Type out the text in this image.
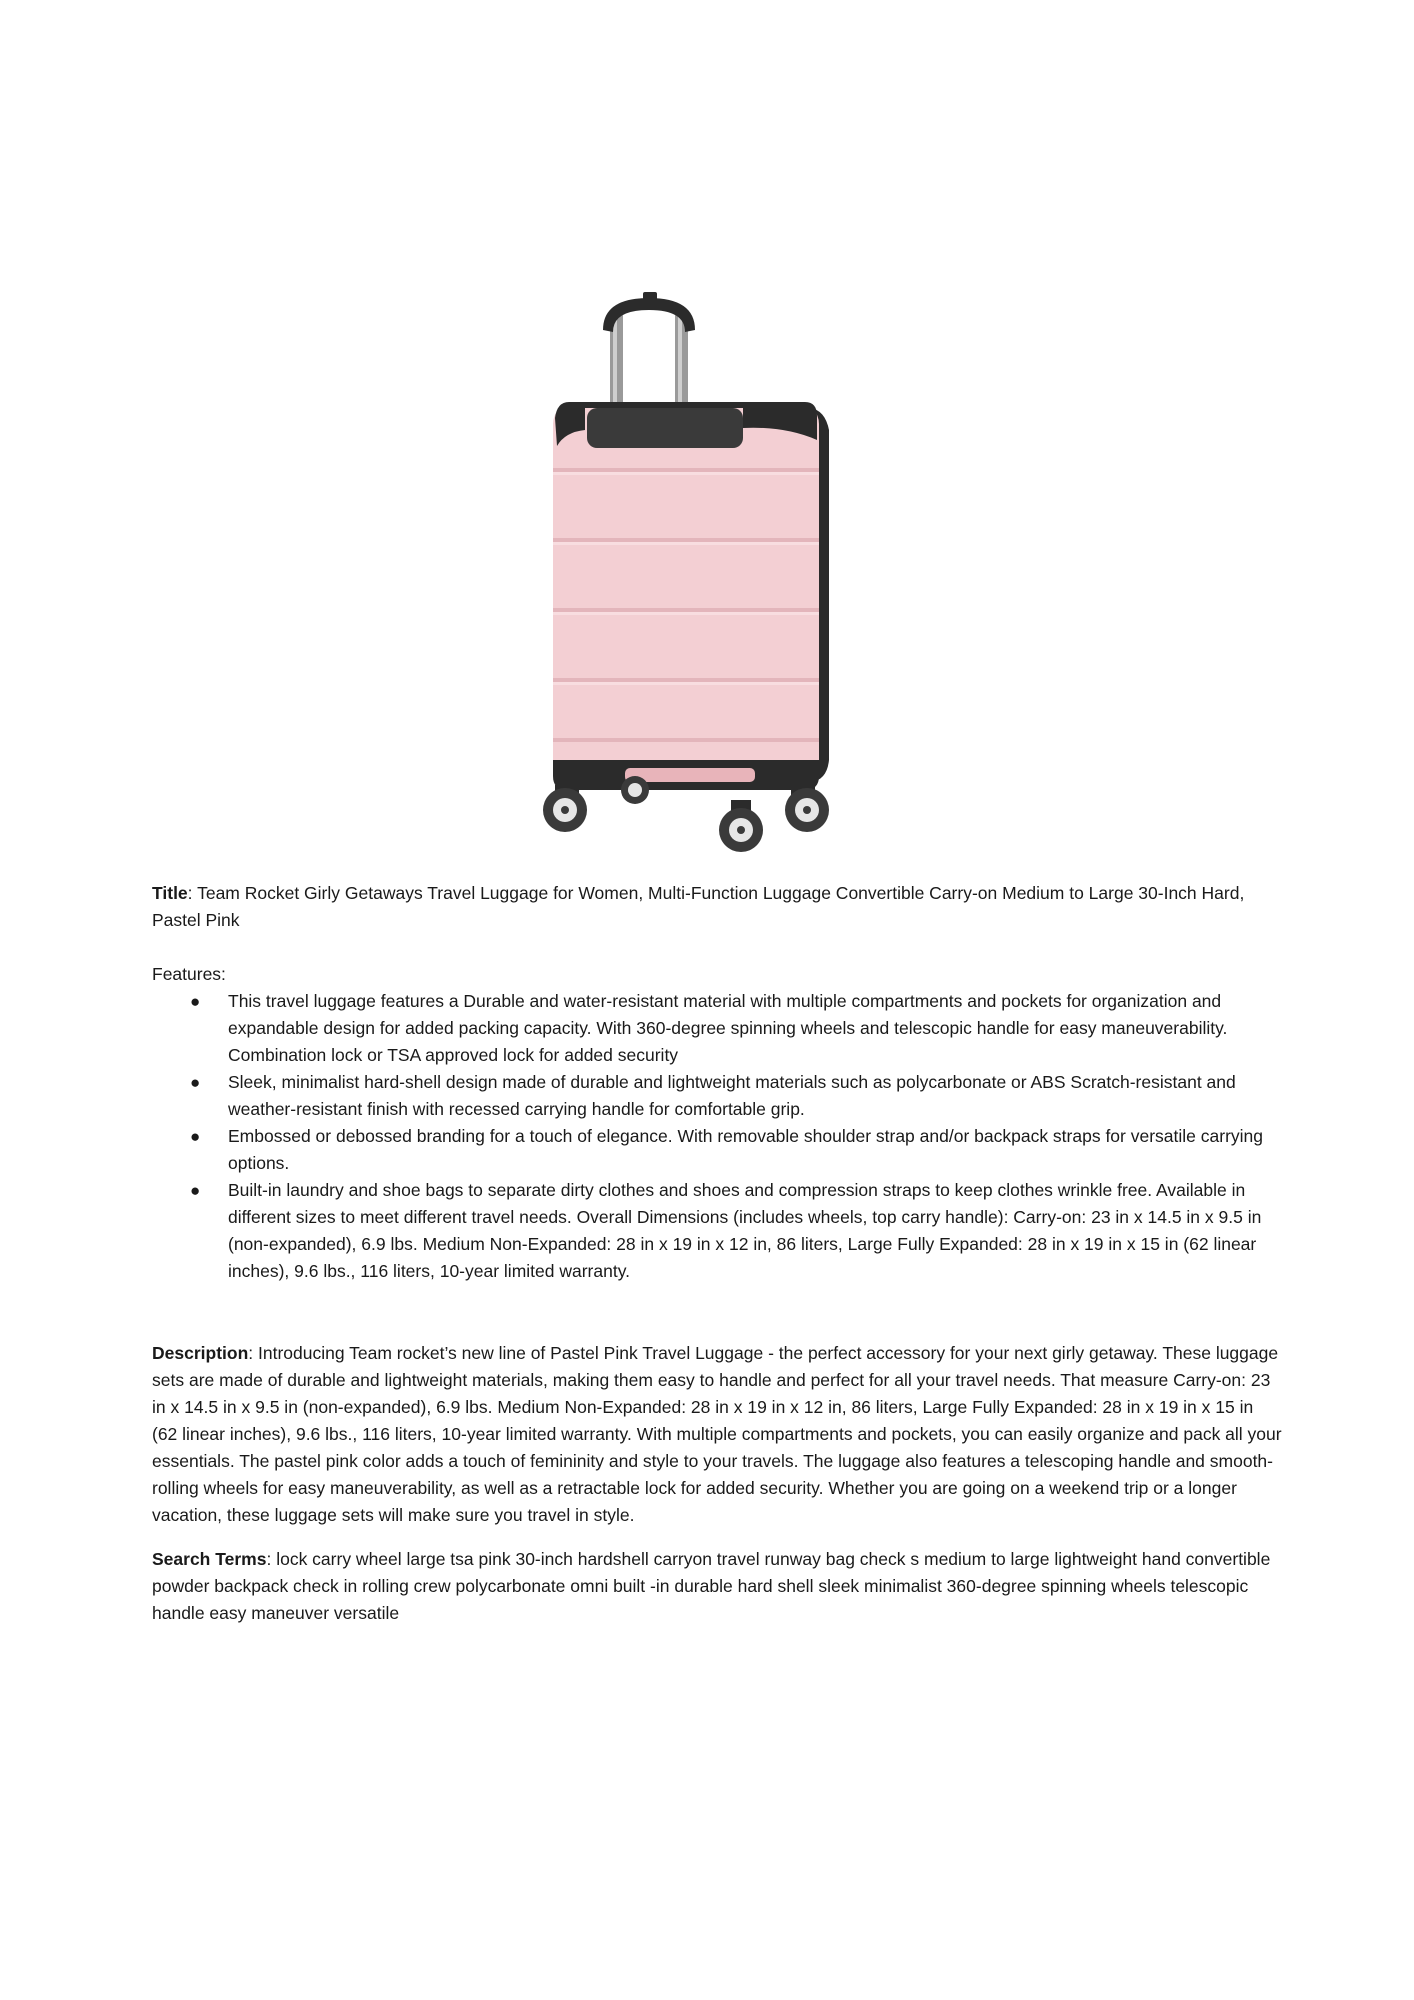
Title: Team Rocket Girly Getaways Travel Luggage for Women, Multi-Function Luggage Convertible Carry-on Medium to Large 30-Inch Hard, Pastel Pink

Features:

● This travel luggage features a Durable and water-resistant material with multiple compartments and pockets for organization and expandable design for added packing capacity. With 360-degree spinning wheels and telescopic handle for easy maneuverability. Combination lock or TSA approved lock for added security
● Sleek, minimalist hard-shell design made of durable and lightweight materials such as polycarbonate or ABS Scratch-resistant and weather-resistant finish with recessed carrying handle for comfortable grip.
● Embossed or debossed branding for a touch of elegance. With removable shoulder strap and/or backpack straps for versatile carrying options.
● Built-in laundry and shoe bags to separate dirty clothes and shoes and compression straps to keep clothes wrinkle free. Available in different sizes to meet different travel needs. Overall Dimensions (includes wheels, top carry handle): Carry-on: 23 in x 14.5 in x 9.5 in (non-expanded), 6.9 lbs. Medium Non-Expanded: 28 in x 19 in x 12 in, 86 liters, Large Fully Expanded: 28 in x 19 in x 15 in (62 linear inches), 9.6 lbs., 116 liters, 10-year limited warranty.

Description: Introducing Team rocket’s new line of Pastel Pink Travel Luggage - the perfect accessory for your next girly getaway. These luggage sets are made of durable and lightweight materials, making them easy to handle and perfect for all your travel needs. That measure Carry-on: 23 in x 14.5 in x 9.5 in (non-expanded), 6.9 lbs. Medium Non-Expanded: 28 in x 19 in x 12 in, 86 liters, Large Fully Expanded: 28 in x 19 in x 15 in (62 linear inches), 9.6 lbs., 116 liters, 10-year limited warranty. With multiple compartments and pockets, you can easily organize and pack all your essentials. The pastel pink color adds a touch of femininity and style to your travels. The luggage also features a telescoping handle and smooth-rolling wheels for easy maneuverability, as well as a retractable lock for added security. Whether you are going on a weekend trip or a longer vacation, these luggage sets will make sure you travel in style.

Search Terms: lock carry wheel large tsa pink 30-inch hardshell carryon travel runway bag check s medium to large lightweight hand convertible powder backpack check in rolling crew polycarbonate omni built -in durable hard shell sleek minimalist 360-degree spinning wheels telescopic handle easy maneuver versatile
